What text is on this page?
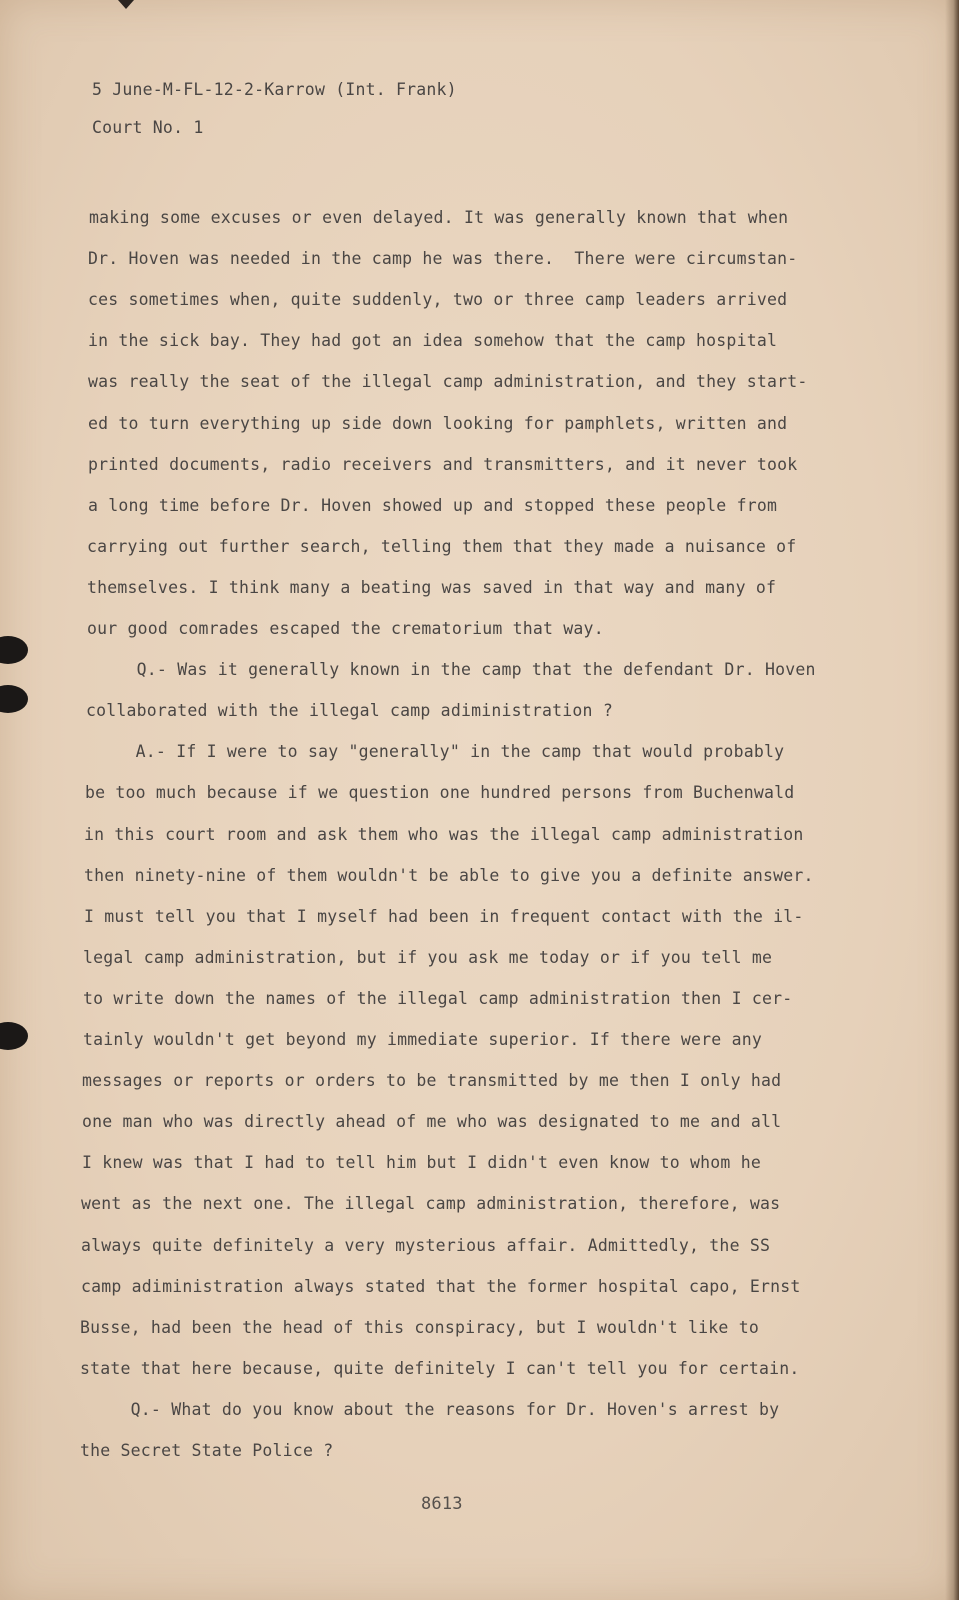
5 June-M-FL-12-2-Karrow (Int. Frank)
Court No. 1
making some excuses or even delayed. It was generally known that when
Dr. Hoven was needed in the camp he was there.  There were circumstan-
ces sometimes when, quite suddenly, two or three camp leaders arrived
in the sick bay. They had got an idea somehow that the camp hospital
was really the seat of the illegal camp administration, and they start-
ed to turn everything up side down looking for pamphlets, written and
printed documents, radio receivers and transmitters, and it never took
a long time before Dr. Hoven showed up and stopped these people from
carrying out further search, telling them that they made a nuisance of
themselves. I think many a beating was saved in that way and many of
our good comrades escaped the crematorium that way.
Q.- Was it generally known in the camp that the defendant Dr. Hoven
collaborated with the illegal camp adiministration ?
A.- If I were to say "generally" in the camp that would probably
be too much because if we question one hundred persons from Buchenwald
in this court room and ask them who was the illegal camp administration
then ninety-nine of them wouldn't be able to give you a definite answer.
I must tell you that I myself had been in frequent contact with the il-
legal camp administration, but if you ask me today or if you tell me
to write down the names of the illegal camp administration then I cer-
tainly wouldn't get beyond my immediate superior. If there were any
messages or reports or orders to be transmitted by me then I only had
one man who was directly ahead of me who was designated to me and all
I knew was that I had to tell him but I didn't even know to whom he
went as the next one. The illegal camp administration, therefore, was
always quite definitely a very mysterious affair. Admittedly, the SS
camp adiministration always stated that the former hospital capo, Ernst
Busse, had been the head of this conspiracy, but I wouldn't like to
state that here because, quite definitely I can't tell you for certain.
Q.- What do you know about the reasons for Dr. Hoven's arrest by
the Secret State Police ?
8613
